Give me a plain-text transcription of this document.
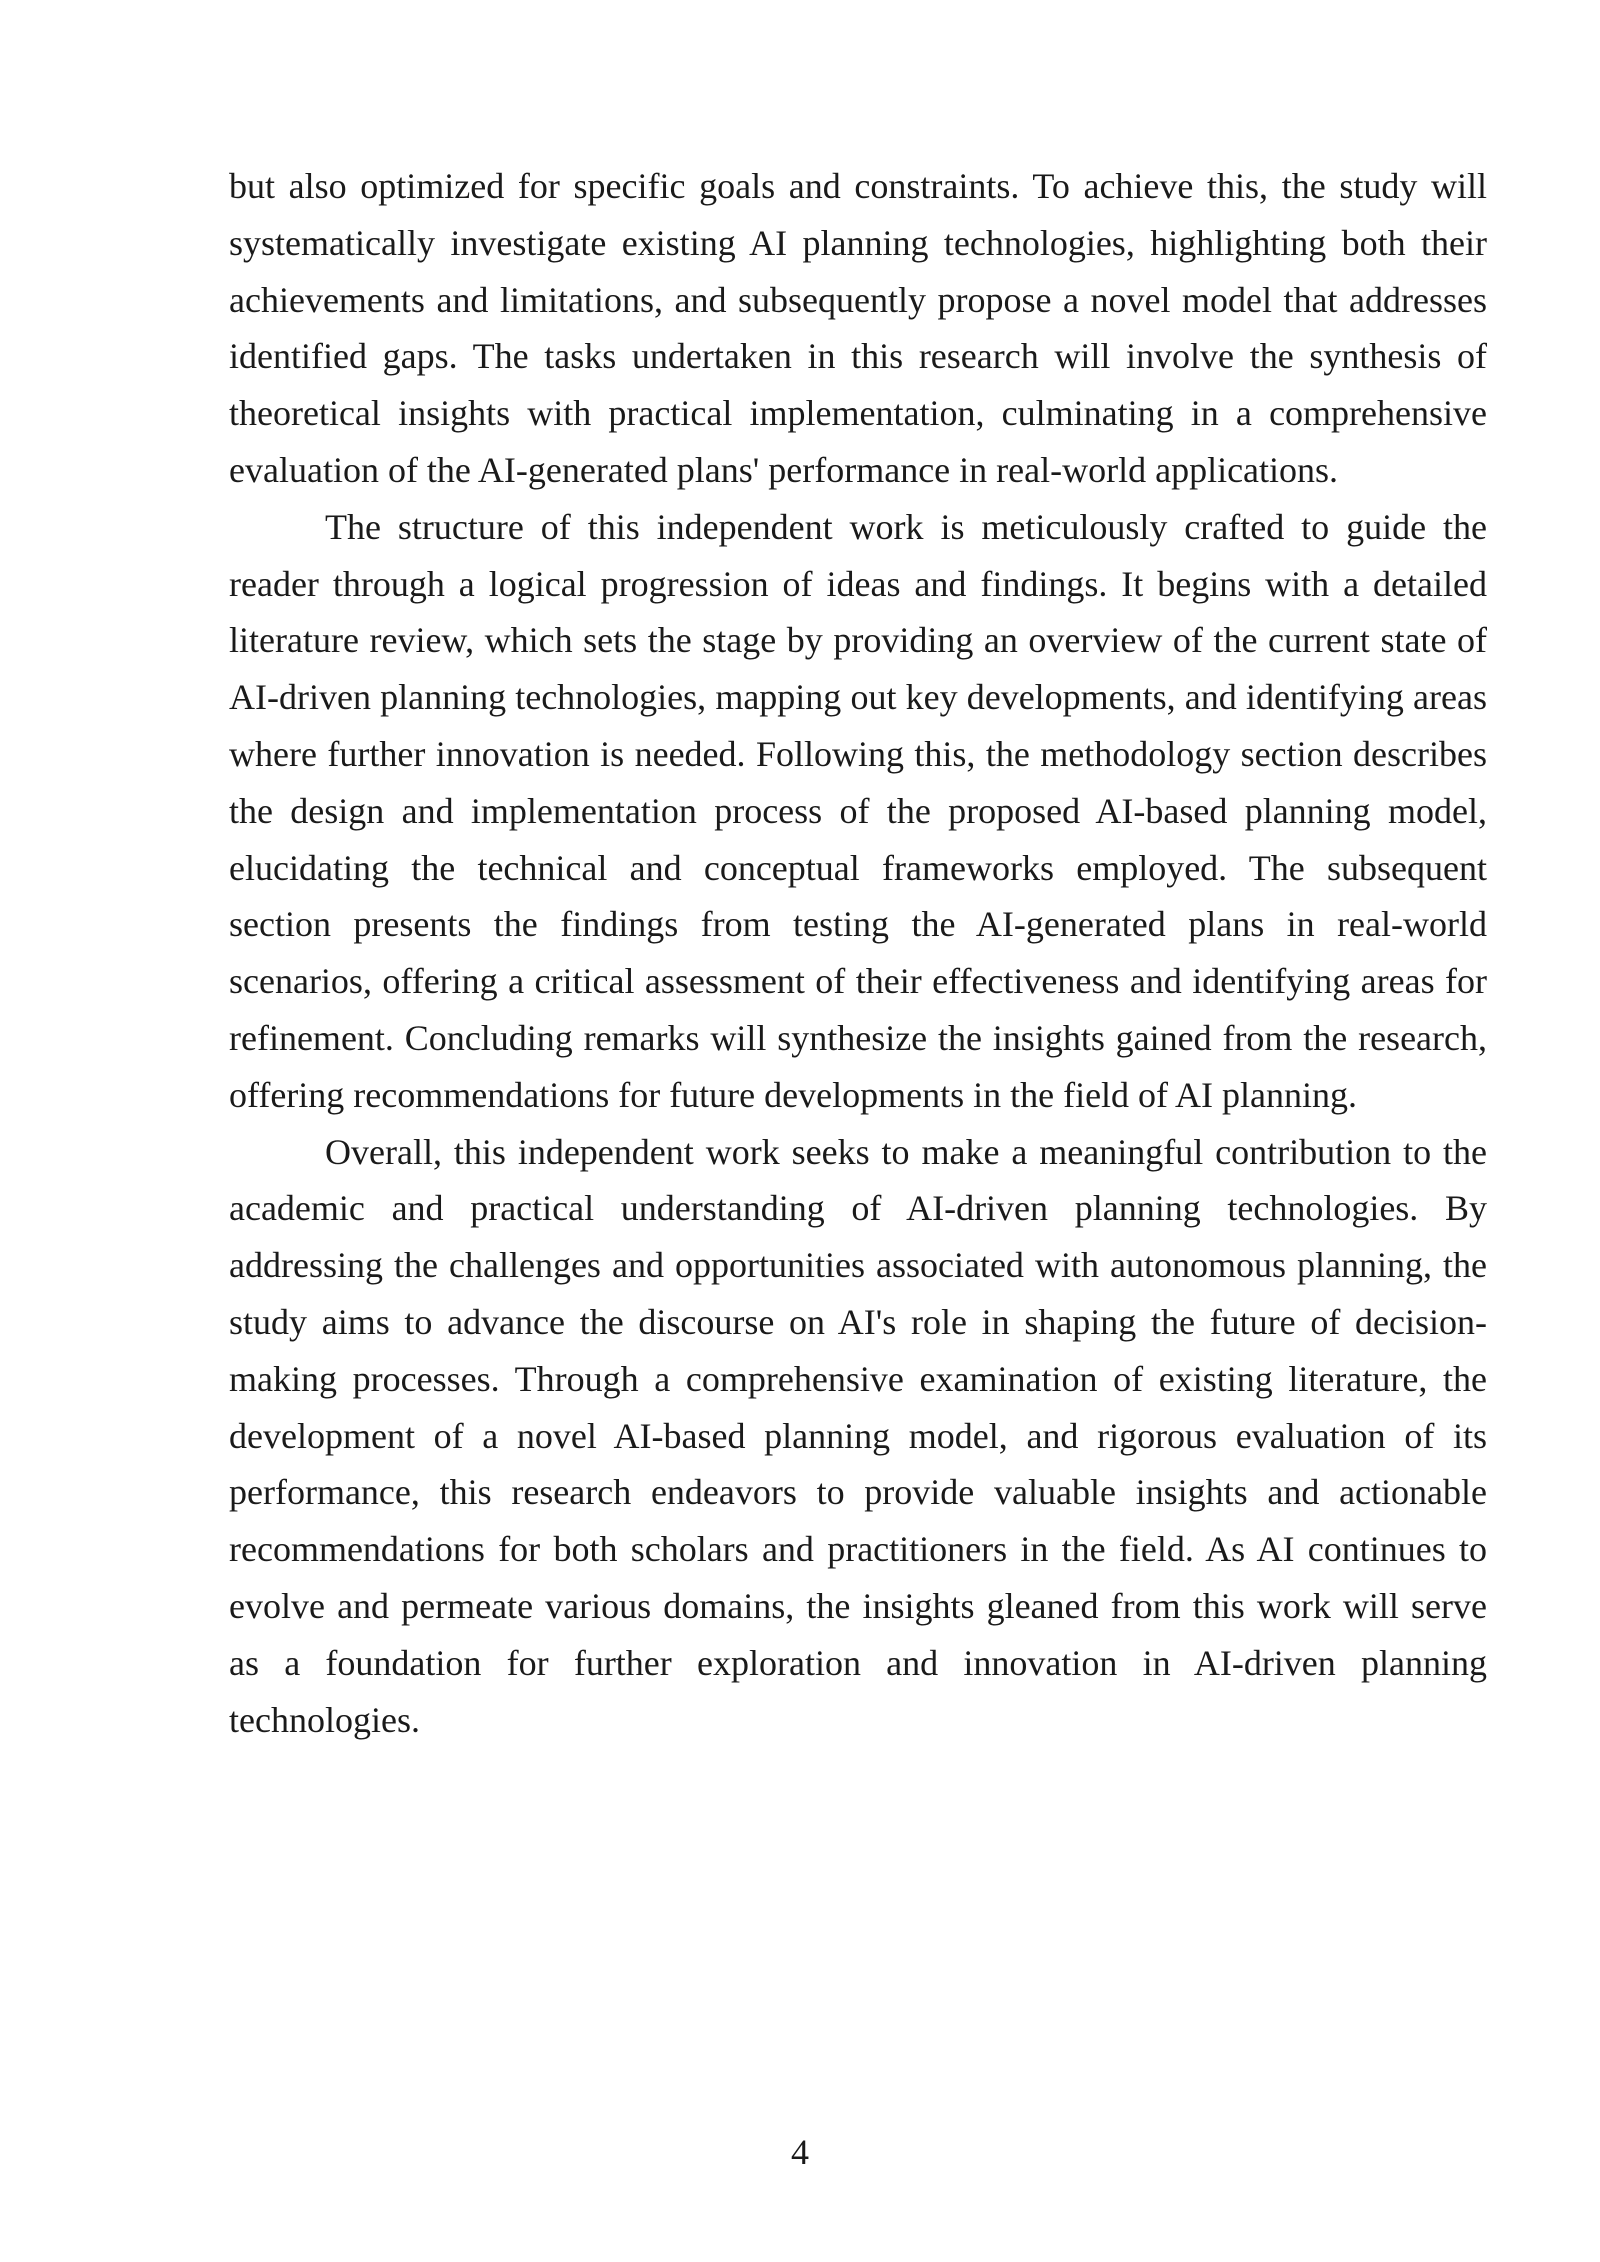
but also optimized for specific goals and constraints. To achieve this, the study will systematically investigate existing AI planning technologies, highlighting both their achievements and limitations, and subsequently propose a novel model that addresses identified gaps. The tasks undertaken in this research will involve the synthesis of theoretical insights with practical implementation, culminating in a comprehensive evaluation of the AI-generated plans' performance in real-world applications.

The structure of this independent work is meticulously crafted to guide the reader through a logical progression of ideas and findings. It begins with a detailed literature review, which sets the stage by providing an overview of the current state of AI-driven planning technologies, mapping out key developments, and identifying areas where further innovation is needed. Following this, the methodology section describes the design and implementation process of the proposed AI-based planning model, elucidating the technical and conceptual frameworks employed. The subsequent section presents the findings from testing the AI-generated plans in real-world scenarios, offering a critical assessment of their effectiveness and identifying areas for refinement. Concluding remarks will synthesize the insights gained from the research, offering recommendations for future developments in the field of AI planning.

Overall, this independent work seeks to make a meaningful contribution to the academic and practical understanding of AI-driven planning technologies. By addressing the challenges and opportunities associated with autonomous planning, the study aims to advance the discourse on AI's role in shaping the future of decision-making processes. Through a comprehensive examination of existing literature, the development of a novel AI-based planning model, and rigorous evaluation of its performance, this research endeavors to provide valuable insights and actionable recommendations for both scholars and practitioners in the field. As AI continues to evolve and permeate various domains, the insights gleaned from this work will serve as a foundation for further exploration and innovation in AI-driven planning technologies.

4
